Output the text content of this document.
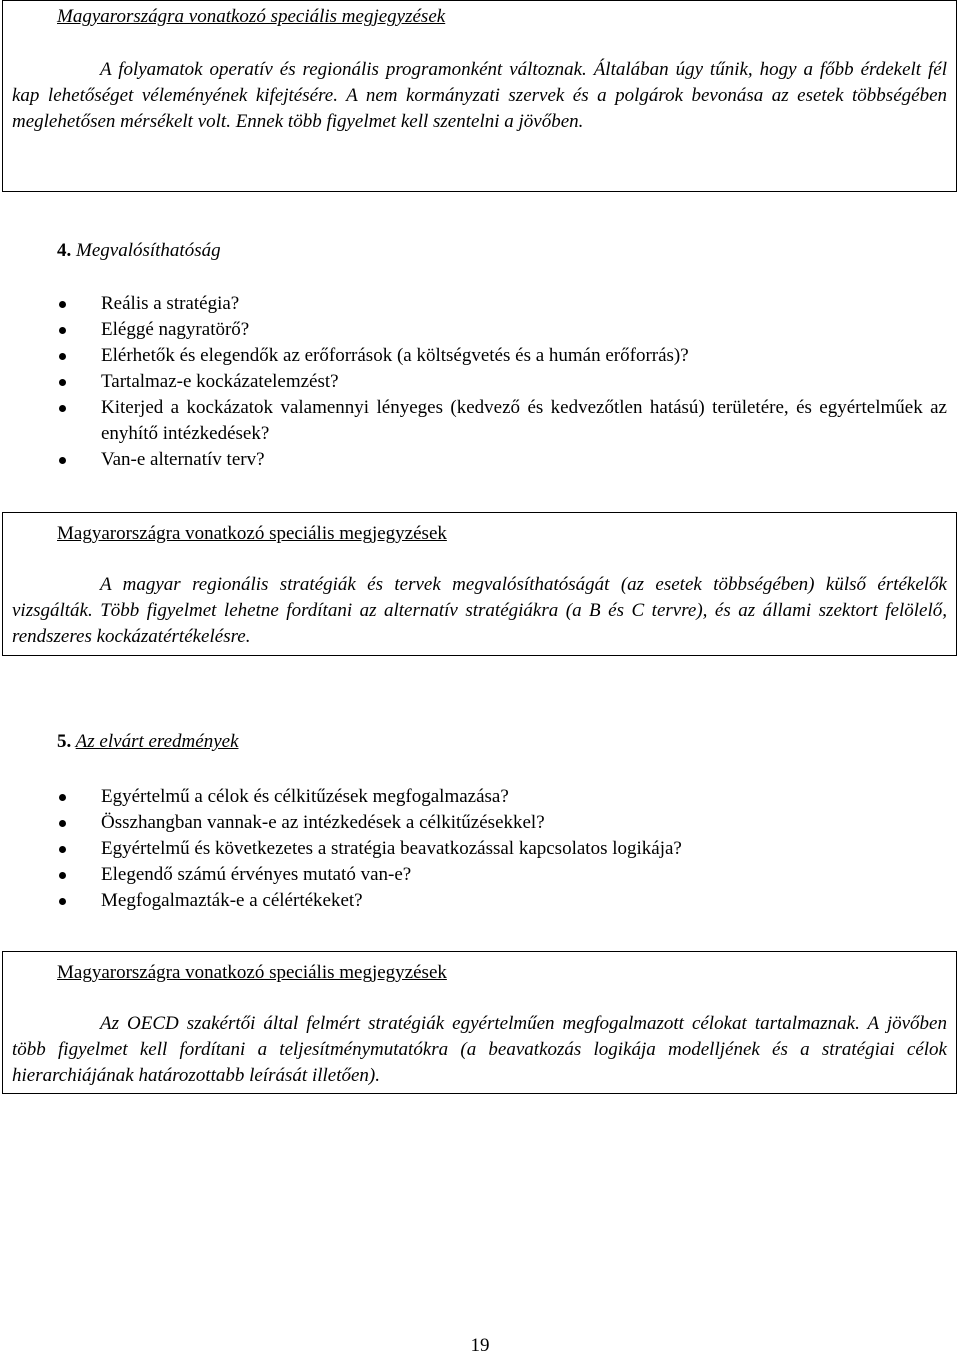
Magyarországra vonatkozó speciális megjegyzések
A folyamatok operatív és regionális programonként változnak. Általában úgy tűnik, hogy a főbb érdekelt fél kap lehetőséget véleményének kifejtésére. A nem kormányzati szervek és a polgárok bevonása az esetek többségében meglehetősen mérsékelt volt. Ennek több figyelmet kell szentelni a jövőben.
4. Megvalósíthatóság
Reális a stratégia?
Eléggé nagyratörő?
Elérhetők és elegendők az erőforrások (a költségvetés és a humán erőforrás)?
Tartalmaz-e kockázatelemzést?
Kiterjed a kockázatok valamennyi lényeges (kedvező és kedvezőtlen hatású) területére, és egyértelműek az enyhítő intézkedések?
Van-e alternatív terv?
Magyarországra vonatkozó speciális megjegyzések
A magyar regionális stratégiák és tervek megvalósíthatóságát (az esetek többségében) külső értékelők vizsgálták. Több figyelmet lehetne fordítani az alternatív stratégiákra (a B és C tervre), és az állami szektort felölelő, rendszeres kockázatértékelésre.
5. Az elvárt eredmények
Egyértelmű a célok és célkitűzések megfogalmazása?
Összhangban vannak-e az intézkedések a célkitűzésekkel?
Egyértelmű és következetes a stratégia beavatkozással kapcsolatos logikája?
Elegendő számú érvényes mutató van-e?
Megfogalmazták-e a célértékeket?
Magyarországra vonatkozó speciális megjegyzések
Az OECD szakértői által felmért stratégiák egyértelműen megfogalmazott célokat tartalmaznak. A jövőben több figyelmet kell fordítani a teljesítménymutatókra (a beavatkozás logikája modelljének és a stratégiai célok hierarchiájának határozottabb leírását illetően).
19
